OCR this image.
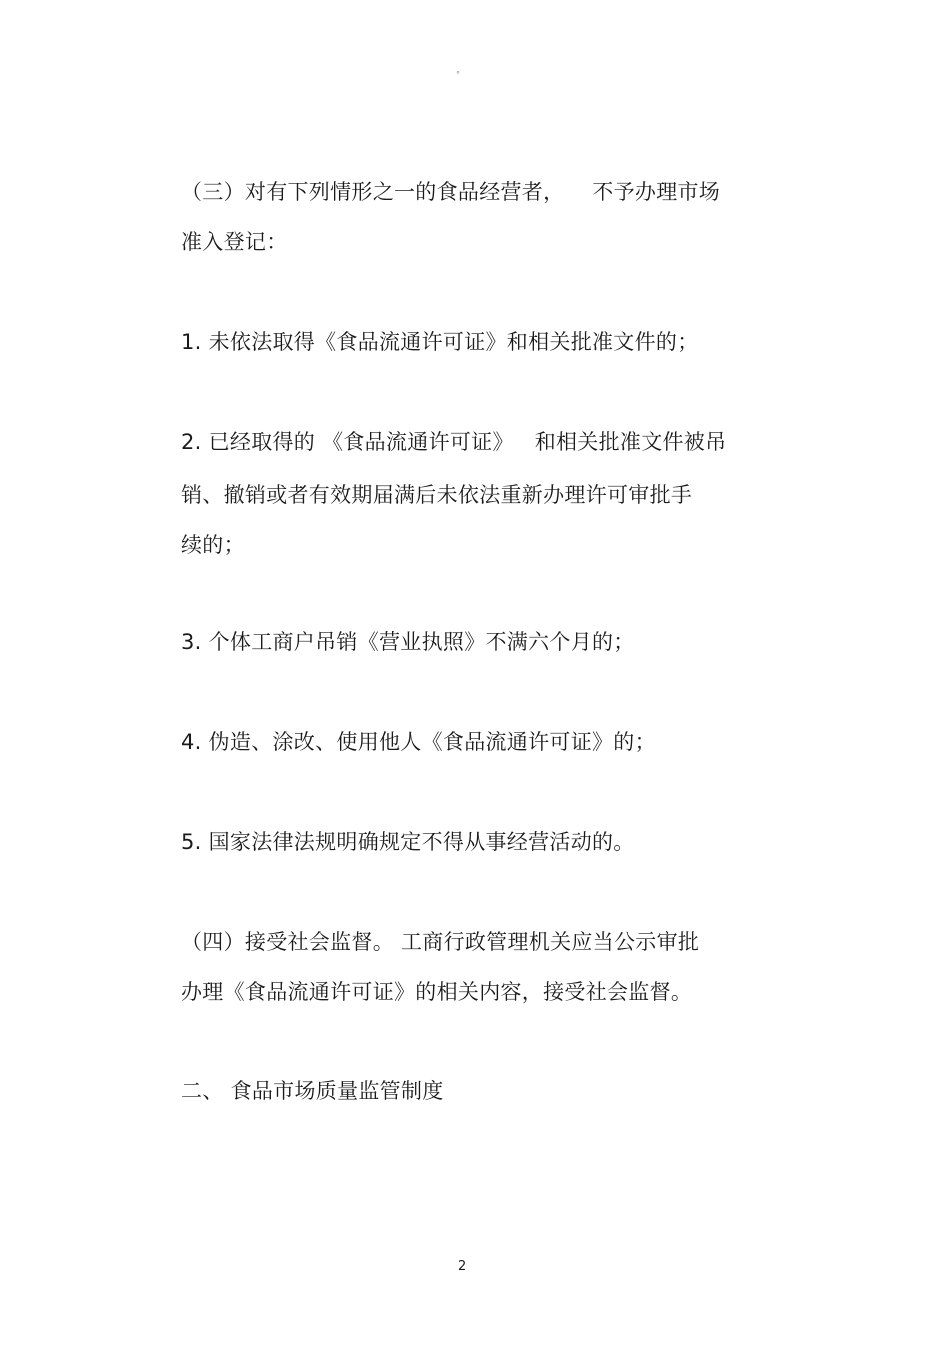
°
（三）对有下列情形之一的食品经营者，    不予办理市场
准入登记：
1. 未依法取得《食品流通许可证》和相关批准文件的；
2. 已经取得的 《食品流通许可证》   和相关批准文件被吊
销、撤销或者有效期届满后未依法重新办理许可审批手
续的；
3. 个体工商户吊销《营业执照》不满六个月的；
4. 伪造、涂改、使用他人《食品流通许可证》的；
5. 国家法律法规明确规定不得从事经营活动的。
（四）接受社会监督。 工商行政管理机关应当公示审批
办理《食品流通许可证》的相关内容，接受社会监督。
二、 食品市场质量监管制度
2
